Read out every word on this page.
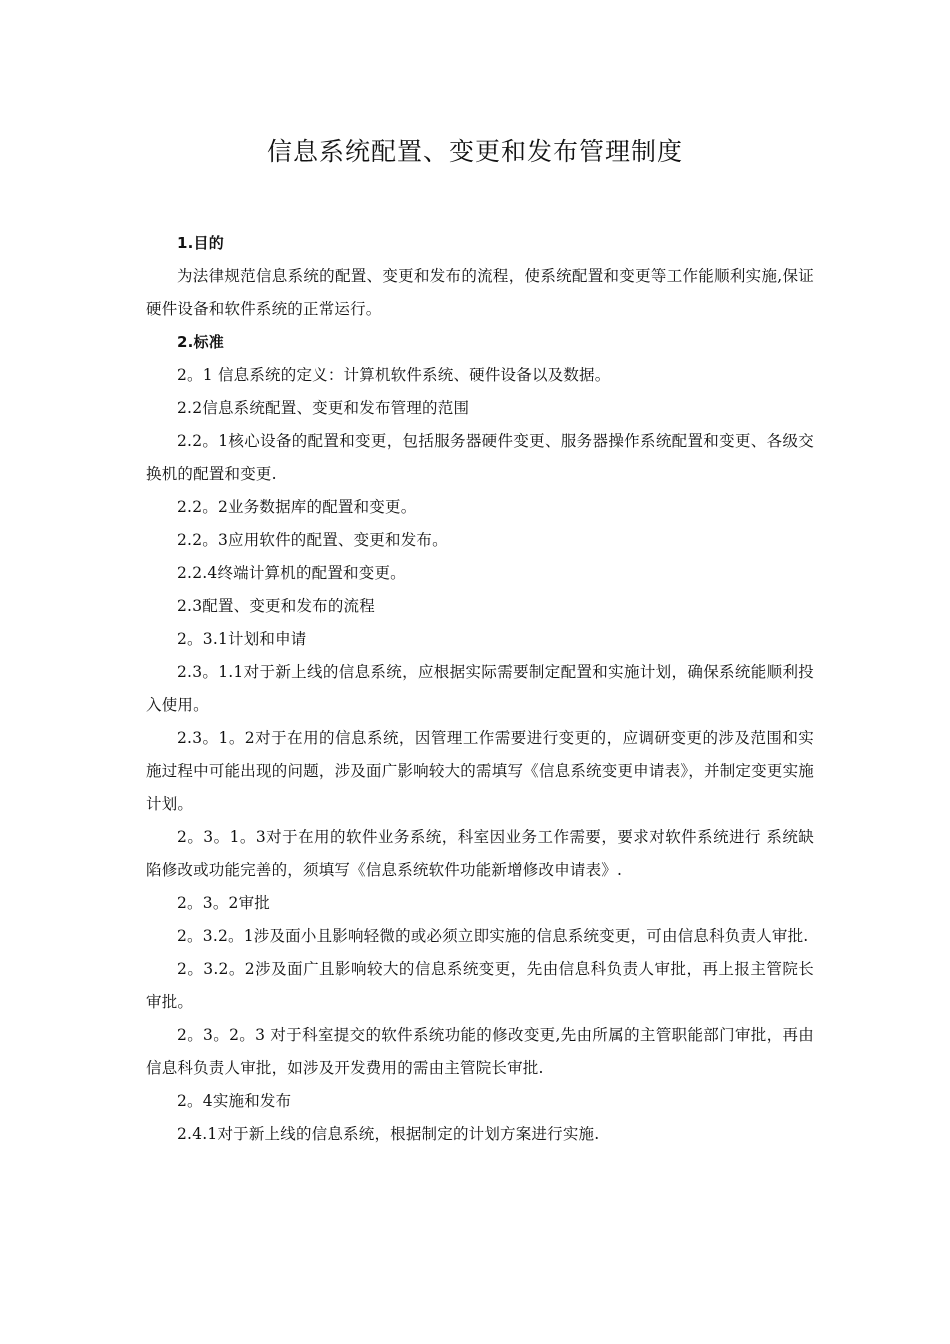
信息系统配置、变更和发布管理制度

1.目的

为法律规范信息系统的配置、变更和发布的流程，使系统配置和变更等工作能顺利实施,保证硬件设备和软件系统的正常运行。

2.标准

2。1 信息系统的定义：计算机软件系统、硬件设备以及数据。

2.2信息系统配置、变更和发布管理的范围

2.2。1核心设备的配置和变更，包括服务器硬件变更、服务器操作系统配置和变更、各级交换机的配置和变更.

2.2。2业务数据库的配置和变更。

2.2。3应用软件的配置、变更和发布。

2.2.4终端计算机的配置和变更。

2.3配置、变更和发布的流程

2。3.1计划和申请

2.3。1.1对于新上线的信息系统，应根据实际需要制定配置和实施计划，确保系统能顺利投入使用。

2.3。1。2对于在用的信息系统，因管理工作需要进行变更的，应调研变更的涉及范围和实施过程中可能出现的问题，涉及面广影响较大的需填写《信息系统变更申请表》，并制定变更实施计划。

2。3。1。3对于在用的软件业务系统，科室因业务工作需要，要求对软件系统进行 系统缺陷修改或功能完善的，须填写《信息系统软件功能新增修改申请表》.

2。3。2审批

2。3.2。1涉及面小且影响轻微的或必须立即实施的信息系统变更，可由信息科负责人审批.

2。3.2。2涉及面广且影响较大的信息系统变更，先由信息科负责人审批，再上报主管院长审批。

2。3。2。3 对于科室提交的软件系统功能的修改变更,先由所属的主管职能部门审批，再由信息科负责人审批，如涉及开发费用的需由主管院长审批.

2。4实施和发布

2.4.1对于新上线的信息系统，根据制定的计划方案进行实施.
